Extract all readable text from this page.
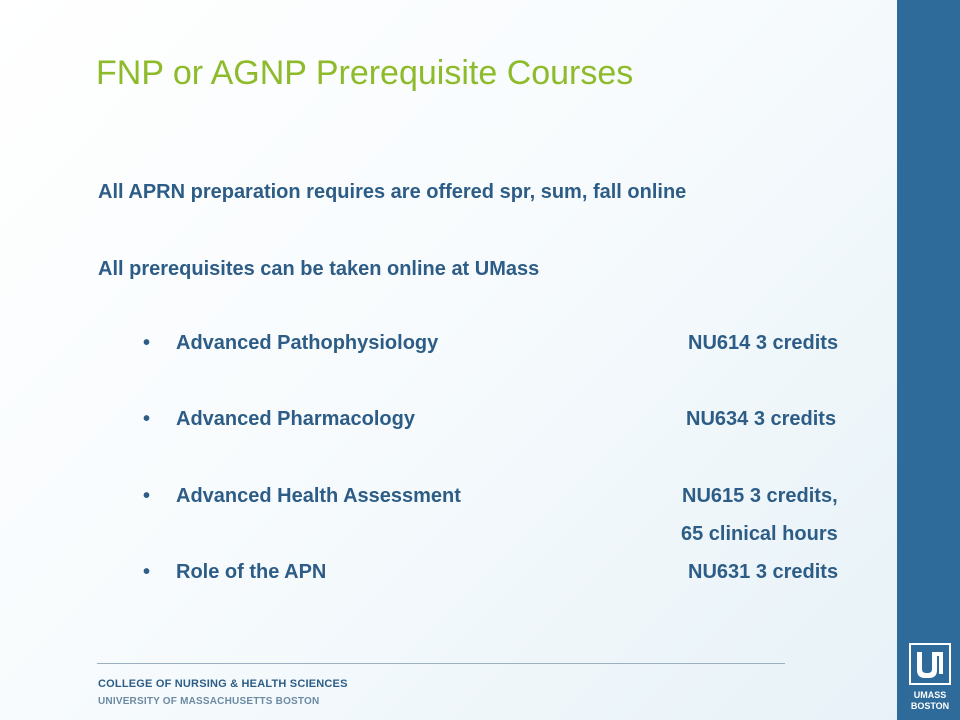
FNP or AGNP Prerequisite Courses
All APRN preparation requires are offered spr, sum, fall online
All prerequisites can be taken online at UMass
• Advanced Pathophysiology	NU614 3 credits
• Advanced Pharmacology	NU634 3 credits
• Advanced Health Assessment	NU615 3 credits,
65 clinical hours
• Role of the APN	NU631 3 credits
COLLEGE OF NURSING & HEALTH SCIENCES
UNIVERSITY OF MASSACHUSETTS BOSTON
UMASS
BOSTON
